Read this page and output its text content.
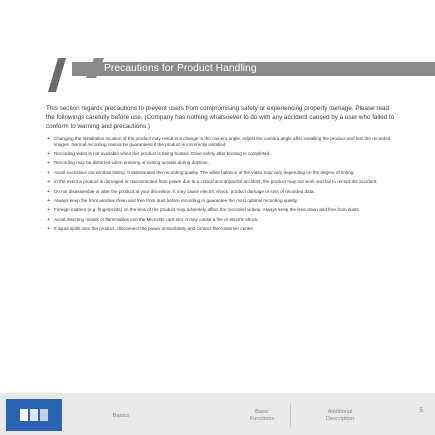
Precautions for Product Handling

This section regards precautions to prevent users from compromising safety or experiencing property damage. Please read the followings carefully before use. (Company has nothing whatsoever to do with any accident caused by a user who failed to conform to warning and precautions.)

+ Changing the installation location of the product may result in a change in the camera angle. Adjust the camera angle after installing the product and test the recorded images. Normal recording cannot be guaranteed if the product is incorrectly installed.
+ Recording video is not available when this product is being booted. Drive safely after booting is completed.
+ Recording may be distorted when entering or exiting tunnels during daytime.
+ Avoid excessive car window tinting. It deteriorates the recording quality. The white balance of the video may vary depending on the degree of tinting.
+ In the event a product is damaged or disconnected from power due to a critical and impactful accident, the product may not work and fail to record the accident.
+ Do not disassemble or alter the product at your discretion. It may cause electric shock, product damage or loss of recorded data.
+ Always keep the front window clean and free from dust before recording to guarantee the most optimal recording quality.
+ Foreign matters (e.g. fingerprints) on the lens of the product may adversely affect the recorded videos. Always keep the lens clean and free from dusts.
+ Avoid inserting metals or flammables into the MicroSD card slot. It may cause a fire or electric shock.
+ If liquid spills onto the product, disconnect the power immediately and contact the customer center.
Basics
Basic
Functions
Additional
Description
5
